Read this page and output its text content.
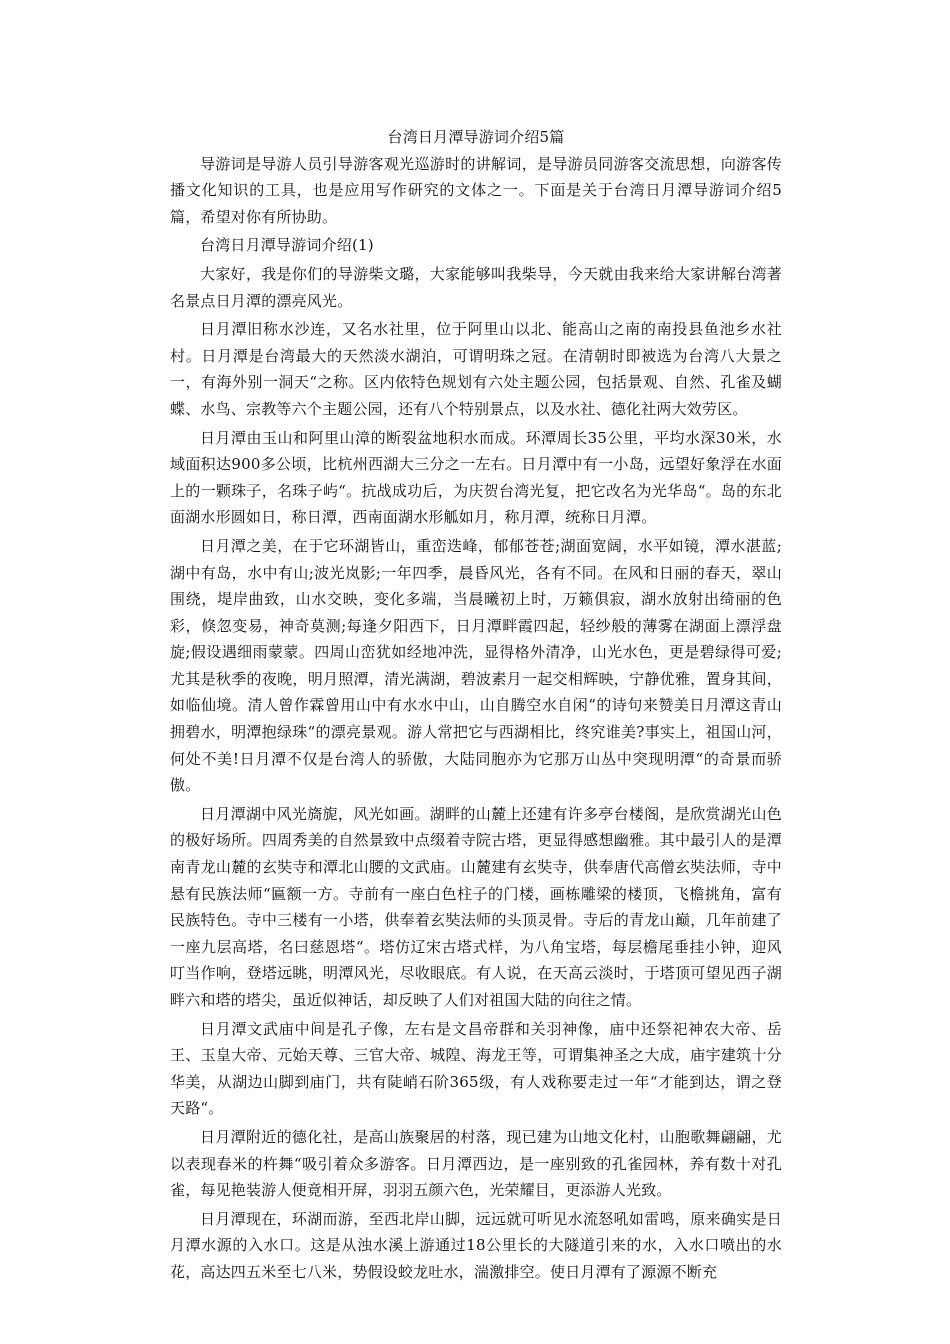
台湾日月潭导游词介绍5篇

导游词是导游人员引导游客观光巡游时的讲解词，是导游员同游客交流思想，向游客传播文化知识的工具，也是应用写作研究的文体之一。下面是关于台湾日月潭导游词介绍5篇，希望对你有所协助。

台湾日月潭导游词介绍(1)

大家好，我是你们的导游柴文璐，大家能够叫我柴导，今天就由我来给大家讲解台湾著名景点日月潭的漂亮风光。

日月潭旧称水沙连，又名水社里，位于阿里山以北、能高山之南的南投县鱼池乡水社村。日月潭是台湾最大的天然淡水湖泊，可谓明珠之冠。在清朝时即被选为台湾八大景之一，有海外别一洞天“之称。区内依特色规划有六处主题公园，包括景观、自然、孔雀及蝴蝶、水鸟、宗教等六个主题公园，还有八个特别景点，以及水社、德化社两大效劳区。

日月潭由玉山和阿里山漳的断裂盆地积水而成。环潭周长35公里，平均水深30米，水域面积达900多公顷，比杭州西湖大三分之一左右。日月潭中有一小岛，远望好象浮在水面上的一颗珠子，名珠子屿“。抗战成功后，为庆贺台湾光复，把它改名为光华岛“。岛的东北面湖水形圆如日，称日潭，西南面湖水形觚如月，称月潭，统称日月潭。

日月潭之美，在于它环湖皆山，重峦迭峰，郁郁苍苍;湖面宽阔，水平如镜，潭水湛蓝;湖中有岛，水中有山;波光岚影;一年四季，晨昏风光，各有不同。在风和日丽的春天，翠山围绕，堤岸曲致，山水交映，变化多端，当晨曦初上时，万籁俱寂，湖水放射出绮丽的色彩，倏忽变易，神奇莫测;每逢夕阳西下，日月潭畔霞四起，轻纱般的薄雾在湖面上漂浮盘旋;假设遇细雨蒙蒙。四周山峦犹如经地冲洗，显得格外清净，山光水色，更是碧绿得可爱;尤其是秋季的夜晚，明月照潭，清光满湖，碧波素月一起交相辉映，宁静优雅，置身其间，如临仙境。清人曾作霖曾用山中有水水中山，山自腾空水自闲“的诗句来赞美日月潭这青山拥碧水，明潭抱绿珠“的漂亮景观。游人常把它与西湖相比，终究谁美?事实上，祖国山河，何处不美!日月潭不仅是台湾人的骄傲，大陆同胞亦为它那万山丛中突现明潭“的奇景而骄傲。

日月潭湖中风光旖旎，风光如画。湖畔的山麓上还建有许多亭台楼阁，是欣赏湖光山色的极好场所。四周秀美的自然景致中点缀着寺院古塔，更显得感想幽雅。其中最引人的是潭南青龙山麓的玄奘寺和潭北山腰的文武庙。山麓建有玄奘寺，供奉唐代高僧玄奘法师，寺中悬有民族法师“匾额一方。寺前有一座白色柱子的门楼，画栋雕梁的楼顶，飞檐挑角，富有民族特色。寺中三楼有一小塔，供奉着玄奘法师的头顶灵骨。寺后的青龙山巅，几年前建了一座九层高塔，名曰慈恩塔“。塔仿辽宋古塔式样，为八角宝塔，每层檐尾垂挂小钟，迎风叮当作响，登塔远眺，明潭风光，尽收眼底。有人说，在天高云淡时，于塔顶可望见西子湖畔六和塔的塔尖，虽近似神话，却反映了人们对祖国大陆的向往之情。

日月潭文武庙中间是孔子像，左右是文昌帝群和关羽神像，庙中还祭祀神农大帝、岳王、玉皇大帝、元始天尊、三官大帝、城隍、海龙王等，可谓集神圣之大成，庙宇建筑十分华美，从湖边山脚到庙门，共有陡峭石阶365级，有人戏称要走过一年“才能到达，谓之登天路“。

日月潭附近的德化社，是高山族聚居的村落，现已建为山地文化村，山胞歌舞翩翩，尤以表现春米的杵舞“吸引着众多游客。日月潭西边，是一座别致的孔雀园林，养有数十对孔雀，每见艳装游人便竟相开屏，羽羽五颜六色，光荣耀目，更添游人光致。

日月潭现在，环湖而游，至西北岸山脚，远远就可听见水流怒吼如雷鸣，原来确实是日月潭水源的入水口。这是从浊水溪上游通过18公里长的大隧道引来的水，入水口喷出的水花，高达四五米至七八米，势假设蛟龙吐水，湍激排空。使日月潭有了源源不断充
